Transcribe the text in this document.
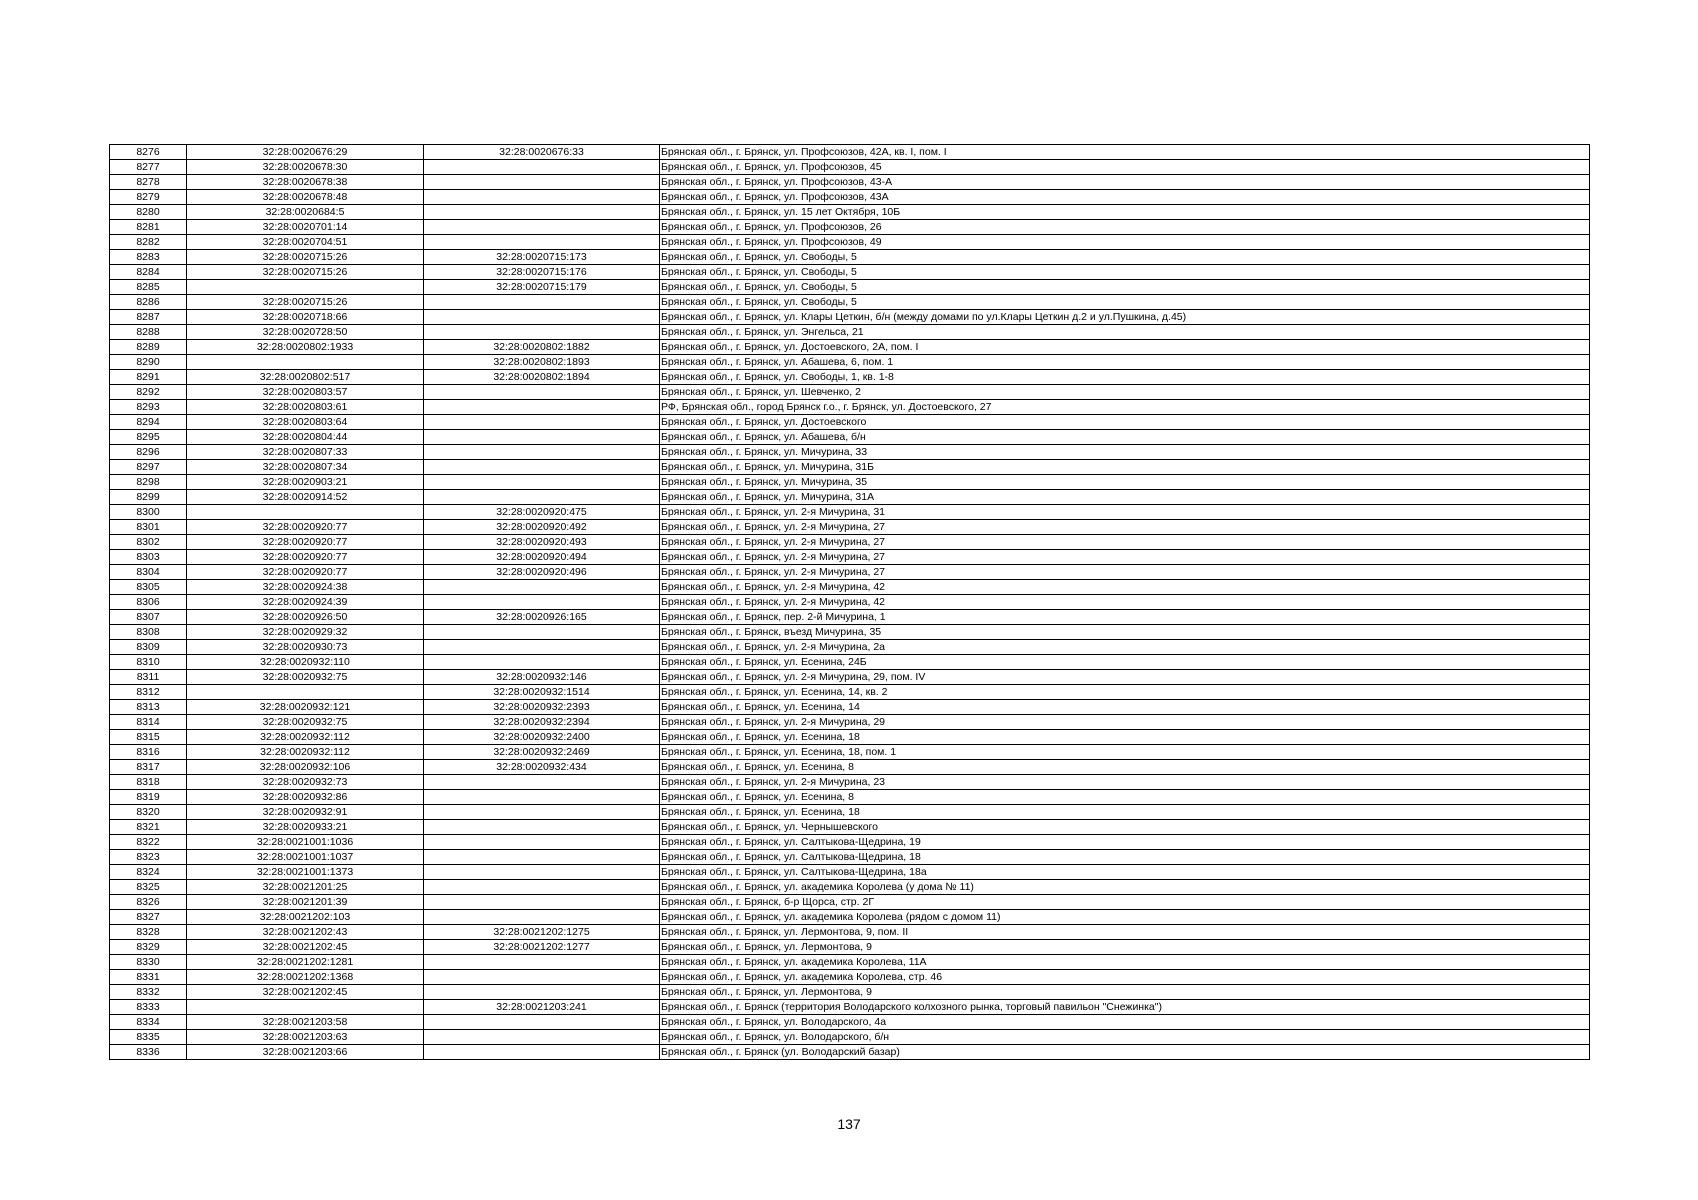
8276	32:28:0020676:29	32:28:0020676:33	Брянская обл., г. Брянск, ул. Профсоюзов, 42А, кв. I, пом. I
8277	32:28:0020678:30		Брянская обл., г. Брянск, ул. Профсоюзов, 45
8278	32:28:0020678:38		Брянская обл., г. Брянск, ул. Профсоюзов, 43-А
8279	32:28:0020678:48		Брянская обл., г. Брянск, ул. Профсоюзов, 43А
8280	32:28:0020684:5		Брянская обл., г. Брянск, ул. 15 лет Октября, 10Б
8281	32:28:0020701:14		Брянская обл., г. Брянск, ул. Профсоюзов, 26
8282	32:28:0020704:51		Брянская обл., г. Брянск, ул. Профсоюзов, 49
8283	32:28:0020715:26	32:28:0020715:173	Брянская обл., г. Брянск, ул. Свободы, 5
8284	32:28:0020715:26	32:28:0020715:176	Брянская обл., г. Брянск, ул. Свободы, 5
8285		32:28:0020715:179	Брянская обл., г. Брянск, ул. Свободы, 5
8286	32:28:0020715:26		Брянская обл., г. Брянск, ул. Свободы, 5
8287	32:28:0020718:66		Брянская обл., г. Брянск, ул. Клары Цеткин, б/н (между домами по ул.Клары Цеткин д.2 и ул.Пушкина, д.45)
8288	32:28:0020728:50		Брянская обл., г. Брянск, ул. Энгельса, 21
8289	32:28:0020802:1933	32:28:0020802:1882	Брянская обл., г. Брянск, ул. Достоевского, 2А, пом. I
8290		32:28:0020802:1893	Брянская обл., г. Брянск, ул. Абашева, 6, пом. 1
8291	32:28:0020802:517	32:28:0020802:1894	Брянская обл., г. Брянск, ул. Свободы, 1, кв. 1-8
8292	32:28:0020803:57		Брянская обл., г. Брянск, ул. Шевченко, 2
8293	32:28:0020803:61		РФ, Брянская обл., город Брянск г.о., г. Брянск, ул. Достоевского, 27
8294	32:28:0020803:64		Брянская обл., г. Брянск, ул. Достоевского
8295	32:28:0020804:44		Брянская обл., г. Брянск, ул. Абашева, б/н
8296	32:28:0020807:33		Брянская обл., г. Брянск, ул. Мичурина, 33
8297	32:28:0020807:34		Брянская обл., г. Брянск, ул. Мичурина, 31Б
8298	32:28:0020903:21		Брянская обл., г. Брянск, ул. Мичурина, 35
8299	32:28:0020914:52		Брянская обл., г. Брянск, ул. Мичурина, 31А
8300		32:28:0020920:475	Брянская обл., г. Брянск, ул. 2-я Мичурина, 31
8301	32:28:0020920:77	32:28:0020920:492	Брянская обл., г. Брянск, ул. 2-я Мичурина, 27
8302	32:28:0020920:77	32:28:0020920:493	Брянская обл., г. Брянск, ул. 2-я Мичурина, 27
8303	32:28:0020920:77	32:28:0020920:494	Брянская обл., г. Брянск, ул. 2-я Мичурина, 27
8304	32:28:0020920:77	32:28:0020920:496	Брянская обл., г. Брянск, ул. 2-я Мичурина, 27
8305	32:28:0020924:38		Брянская обл., г. Брянск, ул. 2-я Мичурина, 42
8306	32:28:0020924:39		Брянская обл., г. Брянск, ул. 2-я Мичурина, 42
8307	32:28:0020926:50	32:28:0020926:165	Брянская обл., г. Брянск, пер. 2-й Мичурина, 1
8308	32:28:0020929:32		Брянская обл., г. Брянск, въезд Мичурина, 35
8309	32:28:0020930:73		Брянская обл., г. Брянск, ул. 2-я Мичурина, 2а
8310	32:28:0020932:110		Брянская обл., г. Брянск, ул. Есенина, 24Б
8311	32:28:0020932:75	32:28:0020932:146	Брянская обл., г. Брянск, ул. 2-я Мичурина, 29, пом. IV
8312		32:28:0020932:1514	Брянская обл., г. Брянск, ул. Есенина, 14, кв. 2
8313	32:28:0020932:121	32:28:0020932:2393	Брянская обл., г. Брянск, ул. Есенина, 14
8314	32:28:0020932:75	32:28:0020932:2394	Брянская обл., г. Брянск, ул. 2-я Мичурина, 29
8315	32:28:0020932:112	32:28:0020932:2400	Брянская обл., г. Брянск, ул. Есенина, 18
8316	32:28:0020932:112	32:28:0020932:2469	Брянская обл., г. Брянск, ул. Есенина, 18, пом. 1
8317	32:28:0020932:106	32:28:0020932:434	Брянская обл., г. Брянск, ул. Есенина, 8
8318	32:28:0020932:73		Брянская обл., г. Брянск, ул. 2-я Мичурина, 23
8319	32:28:0020932:86		Брянская обл., г. Брянск, ул. Есенина, 8
8320	32:28:0020932:91		Брянская обл., г. Брянск, ул. Есенина, 18
8321	32:28:0020933:21		Брянская обл., г. Брянск, ул. Чернышевского
8322	32:28:0021001:1036		Брянская обл., г. Брянск, ул. Салтыкова-Щедрина, 19
8323	32:28:0021001:1037		Брянская обл., г. Брянск, ул. Салтыкова-Щедрина, 18
8324	32:28:0021001:1373		Брянская обл., г. Брянск, ул. Салтыкова-Щедрина, 18а
8325	32:28:0021201:25		Брянская обл., г. Брянск, ул. академика Королева (у дома № 11)
8326	32:28:0021201:39		Брянская обл., г. Брянск, б-р Щорса, стр. 2Г
8327	32:28:0021202:103		Брянская обл., г. Брянск, ул. академика Королева (рядом с домом 11)
8328	32:28:0021202:43	32:28:0021202:1275	Брянская обл., г. Брянск, ул. Лермонтова, 9, пом. II
8329	32:28:0021202:45	32:28:0021202:1277	Брянская обл., г. Брянск, ул. Лермонтова, 9
8330	32:28:0021202:1281		Брянская обл., г. Брянск, ул. академика Королева, 11А
8331	32:28:0021202:1368		Брянская обл., г. Брянск, ул. академика Королева, стр. 46
8332	32:28:0021202:45		Брянская обл., г. Брянск, ул. Лермонтова, 9
8333		32:28:0021203:241	Брянская обл., г. Брянск (территория Володарского колхозного рынка, торговый павильон "Снежинка")
8334	32:28:0021203:58		Брянская обл., г. Брянск, ул. Володарского, 4а
8335	32:28:0021203:63		Брянская обл., г. Брянск, ул. Володарского, б/н
8336	32:28:0021203:66		Брянская обл., г. Брянск (ул. Володарский базар)
137
